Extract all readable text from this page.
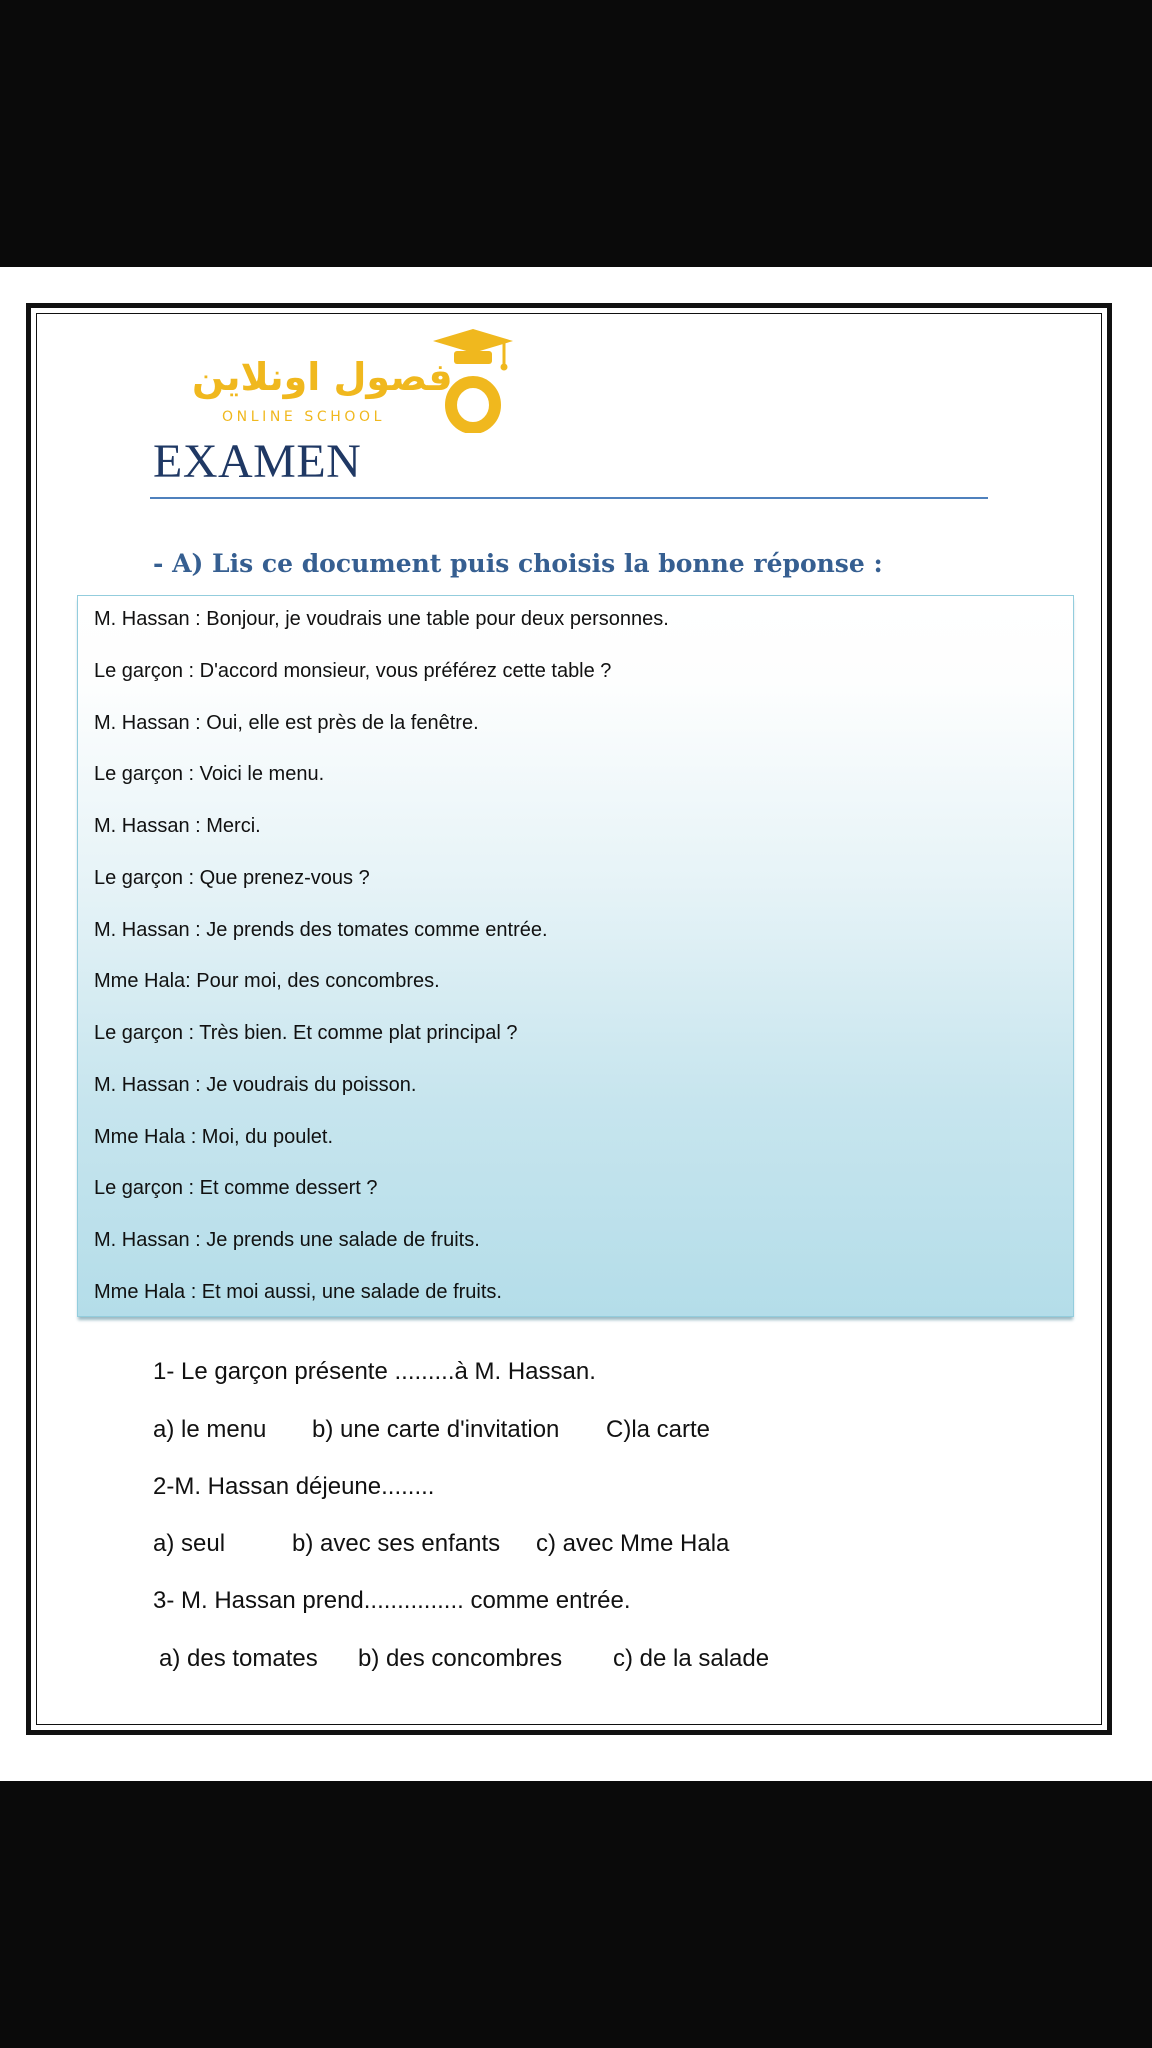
فصول اونلاين
ONLINE SCHOOL
EXAMEN
- A) Lis ce document puis choisis la bonne réponse :
M. Hassan : Bonjour, je voudrais une table pour deux personnes.
Le garçon : D'accord monsieur, vous préférez cette table ?
M. Hassan : Oui, elle est près de la fenêtre.
Le garçon : Voici le menu.
M. Hassan : Merci.
Le garçon : Que prenez-vous ?
M. Hassan : Je prends des tomates comme entrée.
Mme Hala: Pour moi, des concombres.
Le garçon : Très bien. Et comme plat principal ?
M. Hassan : Je voudrais du poisson.
Mme Hala : Moi, du poulet.
Le garçon : Et comme dessert ?
M. Hassan : Je prends une salade de fruits.
Mme Hala : Et moi aussi, une salade de fruits.
1- Le garçon présente .........à M. Hassan.
a) le menu b) une carte d'invitation C)la carte
2-M. Hassan déjeune........
a) seul	b) avec ses enfants c) avec Mme Hala
3- M. Hassan prend............... comme entrée.
a) des tomates b) des concombres c) de la salade
